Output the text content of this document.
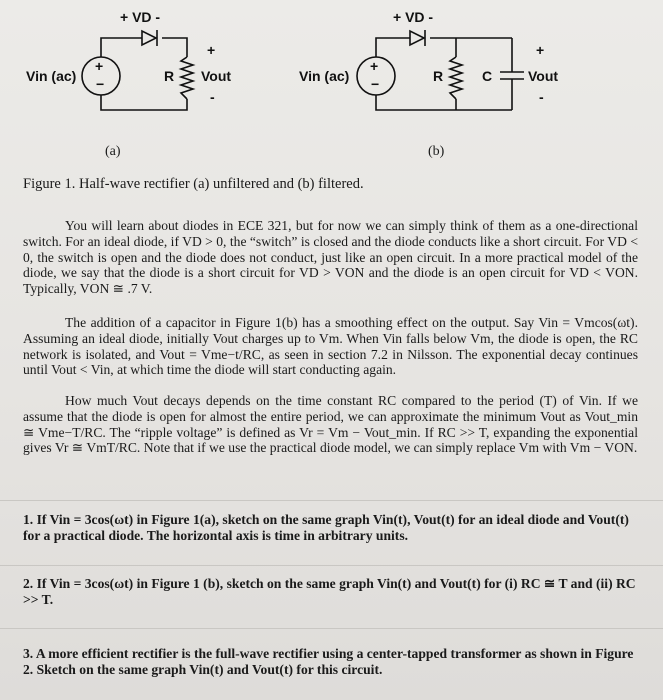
+ VD -
+
−
Vin (ac)	R
+
Vout
-
+ VD -
+
−
Vin (ac)	R	C
+
Vout
-
(a)	(b)
Figure 1. Half-wave rectifier (a) unfiltered and (b) filtered.

You will learn about diodes in ECE 321, but for now we can simply think of them as a one-directional switch. For an ideal diode, if VD > 0, the “switch” is closed and the diode conducts like a short circuit. For VD < 0, the switch is open and the diode does not conduct, just like an open circuit. In a more practical model of the diode, we say that the diode is a short circuit for VD > VON and the diode is an open circuit for VD < VON. Typically, VON ≅ .7 V.

The addition of a capacitor in Figure 1(b) has a smoothing effect on the output. Say Vin = Vmcos(ωt). Assuming an ideal diode, initially Vout charges up to Vm. When Vin falls below Vm, the diode is open, the RC network is isolated, and Vout = Vme−t/RC, as seen in section 7.2 in Nilsson. The exponential decay continues until Vout < Vin, at which time the diode will start conducting again.

How much Vout decays depends on the time constant RC compared to the period (T) of Vin. If we assume that the diode is open for almost the entire period, we can approximate the minimum Vout as Vout_min ≅ Vme−T/RC. The “ripple voltage” is defined as Vr = Vm − Vout_min. If RC >> T, expanding the exponential gives Vr ≅ VmT/RC. Note that if we use the practical diode model, we can simply replace Vm with Vm − VON.

1. If Vin = 3cos(ωt) in Figure 1(a), sketch on the same graph Vin(t), Vout(t) for an ideal diode and Vout(t) for a practical diode. The horizontal axis is time in arbitrary units.

2. If Vin = 3cos(ωt) in Figure 1 (b), sketch on the same graph Vin(t) and Vout(t) for (i) RC ≅ T and (ii) RC >> T.

3. A more efficient rectifier is the full-wave rectifier using a center-tapped transformer as shown in Figure 2. Sketch on the same graph Vin(t) and Vout(t) for this circuit.
